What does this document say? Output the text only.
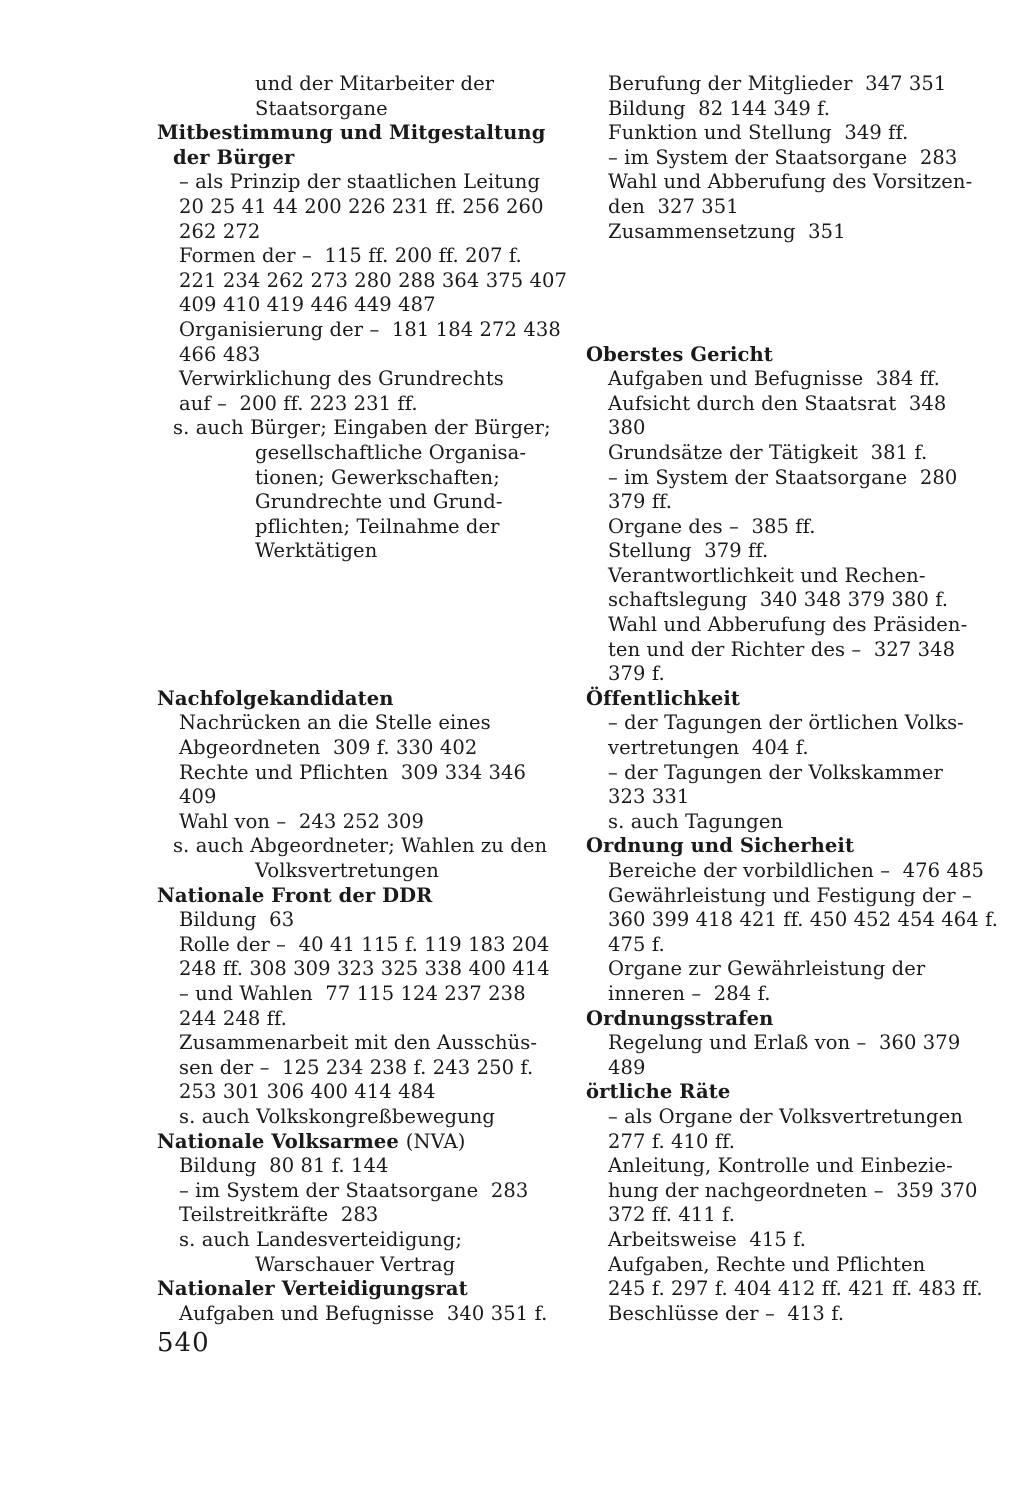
und der Mitarbeiter der
Staatsorgane
Mitbestimmung und Mitgestaltung
der Bürger
– als Prinzip der staatlichen Leitung
20 25 41 44 200 226 231 ff. 256 260
262 272
Formen der –  115 ff. 200 ff. 207 f.
221 234 262 273 280 288 364 375 407
409 410 419 446 449 487
Organisierung der –  181 184 272 438
466 483
Verwirklichung des Grundrechts
auf –  200 ff. 223 231 ff.
s. auch Bürger; Eingaben der Bürger;
gesellschaftliche Organisa-
tionen; Gewerkschaften;
Grundrechte und Grund-
pflichten; Teilnahme der
Werktätigen
Nachfolgekandidaten
Nachrücken an die Stelle eines
Abgeordneten  309 f. 330 402
Rechte und Pflichten  309 334 346
409
Wahl von –  243 252 309
s. auch Abgeordneter; Wahlen zu den
Volksvertretungen
Nationale Front der DDR
Bildung  63
Rolle der –  40 41 115 f. 119 183 204
248 ff. 308 309 323 325 338 400 414
– und Wahlen  77 115 124 237 238
244 248 ff.
Zusammenarbeit mit den Ausschüs-
sen der –  125 234 238 f. 243 250 f.
253 301 306 400 414 484
s. auch Volkskongreßbewegung
Nationale Volksarmee (NVA)
Bildung  80 81 f. 144
– im System der Staatsorgane  283
Teilstreitkräfte  283
s. auch Landesverteidigung;
Warschauer Vertrag
Nationaler Verteidigungsrat
Aufgaben und Befugnisse  340 351 f.
Berufung der Mitglieder  347 351
Bildung  82 144 349 f.
Funktion und Stellung  349 ff.
– im System der Staatsorgane  283
Wahl und Abberufung des Vorsitzen-
den  327 351
Zusammensetzung  351
Oberstes Gericht
Aufgaben und Befugnisse  384 ff.
Aufsicht durch den Staatsrat  348
380
Grundsätze der Tätigkeit  381 f.
– im System der Staatsorgane  280
379 ff.
Organe des –  385 ff.
Stellung  379 ff.
Verantwortlichkeit und Rechen-
schaftslegung  340 348 379 380 f.
Wahl und Abberufung des Präsiden-
ten und der Richter des –  327 348
379 f.
Öffentlichkeit
– der Tagungen der örtlichen Volks-
vertretungen  404 f.
– der Tagungen der Volkskammer
323 331
s. auch Tagungen
Ordnung und Sicherheit
Bereiche der vorbildlichen –  476 485
Gewährleistung und Festigung der –
360 399 418 421 ff. 450 452 454 464 f.
475 f.
Organe zur Gewährleistung der
inneren –  284 f.
Ordnungsstrafen
Regelung und Erlaß von –  360 379
489
örtliche Räte
– als Organe der Volksvertretungen
277 f. 410 ff.
Anleitung, Kontrolle und Einbezie-
hung der nachgeordneten –  359 370
372 ff. 411 f.
Arbeitsweise  415 f.
Aufgaben, Rechte und Pflichten
245 f. 297 f. 404 412 ff. 421 ff. 483 ff.
Beschlüsse der –  413 f.
540
